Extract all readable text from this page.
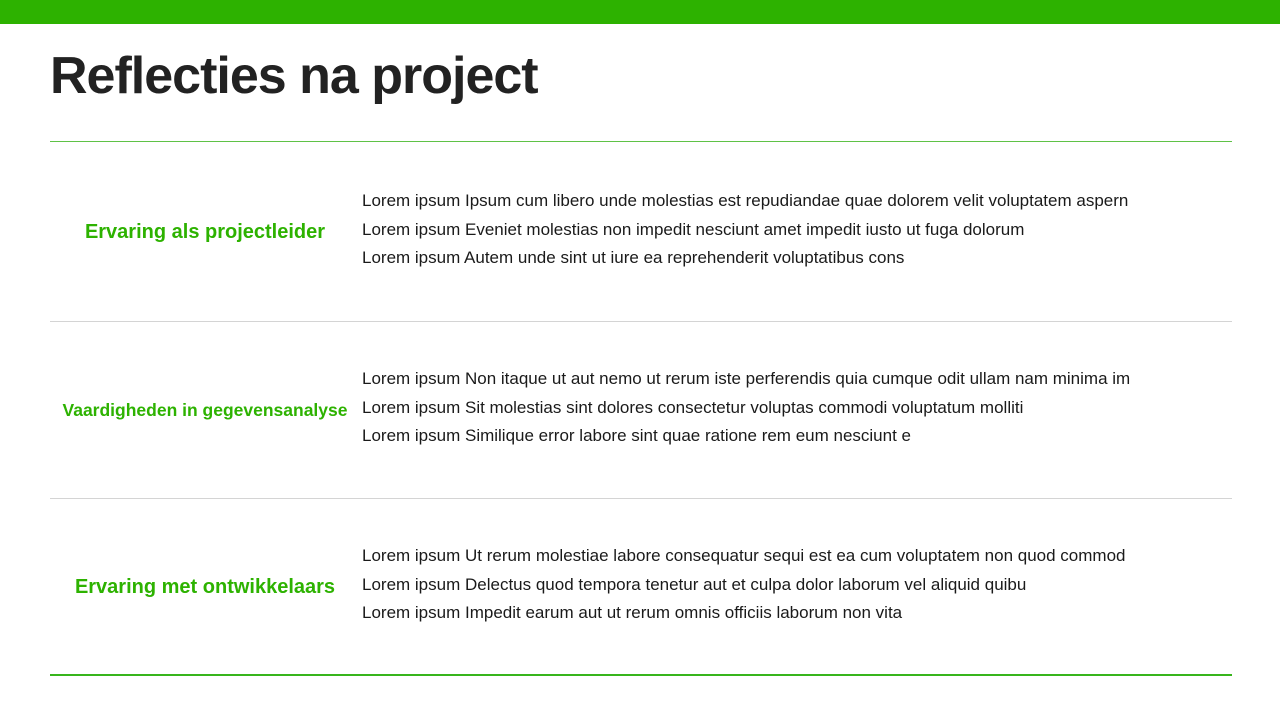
Reflecties na project
Ervaring als projectleider
Lorem ipsum Ipsum cum libero unde molestias est repudiandae quae dolorem velit voluptatem aspern
Lorem ipsum Eveniet molestias non impedit nesciunt amet impedit iusto ut fuga dolorum
Lorem ipsum Autem unde sint ut iure ea reprehenderit voluptatibus cons
Vaardigheden in gegevensanalyse
Lorem ipsum Non itaque ut aut nemo ut rerum iste perferendis quia cumque odit ullam nam minima im
Lorem ipsum Sit molestias sint dolores consectetur voluptas commodi voluptatum molliti
Lorem ipsum Similique error labore sint quae ratione rem eum nesciunt e
Ervaring met ontwikkelaars
Lorem ipsum Ut rerum molestiae labore consequatur sequi est ea cum voluptatem non quod commod
Lorem ipsum Delectus quod tempora tenetur aut et culpa dolor laborum vel aliquid quibu
Lorem ipsum Impedit earum aut ut rerum omnis officiis laborum non vita
